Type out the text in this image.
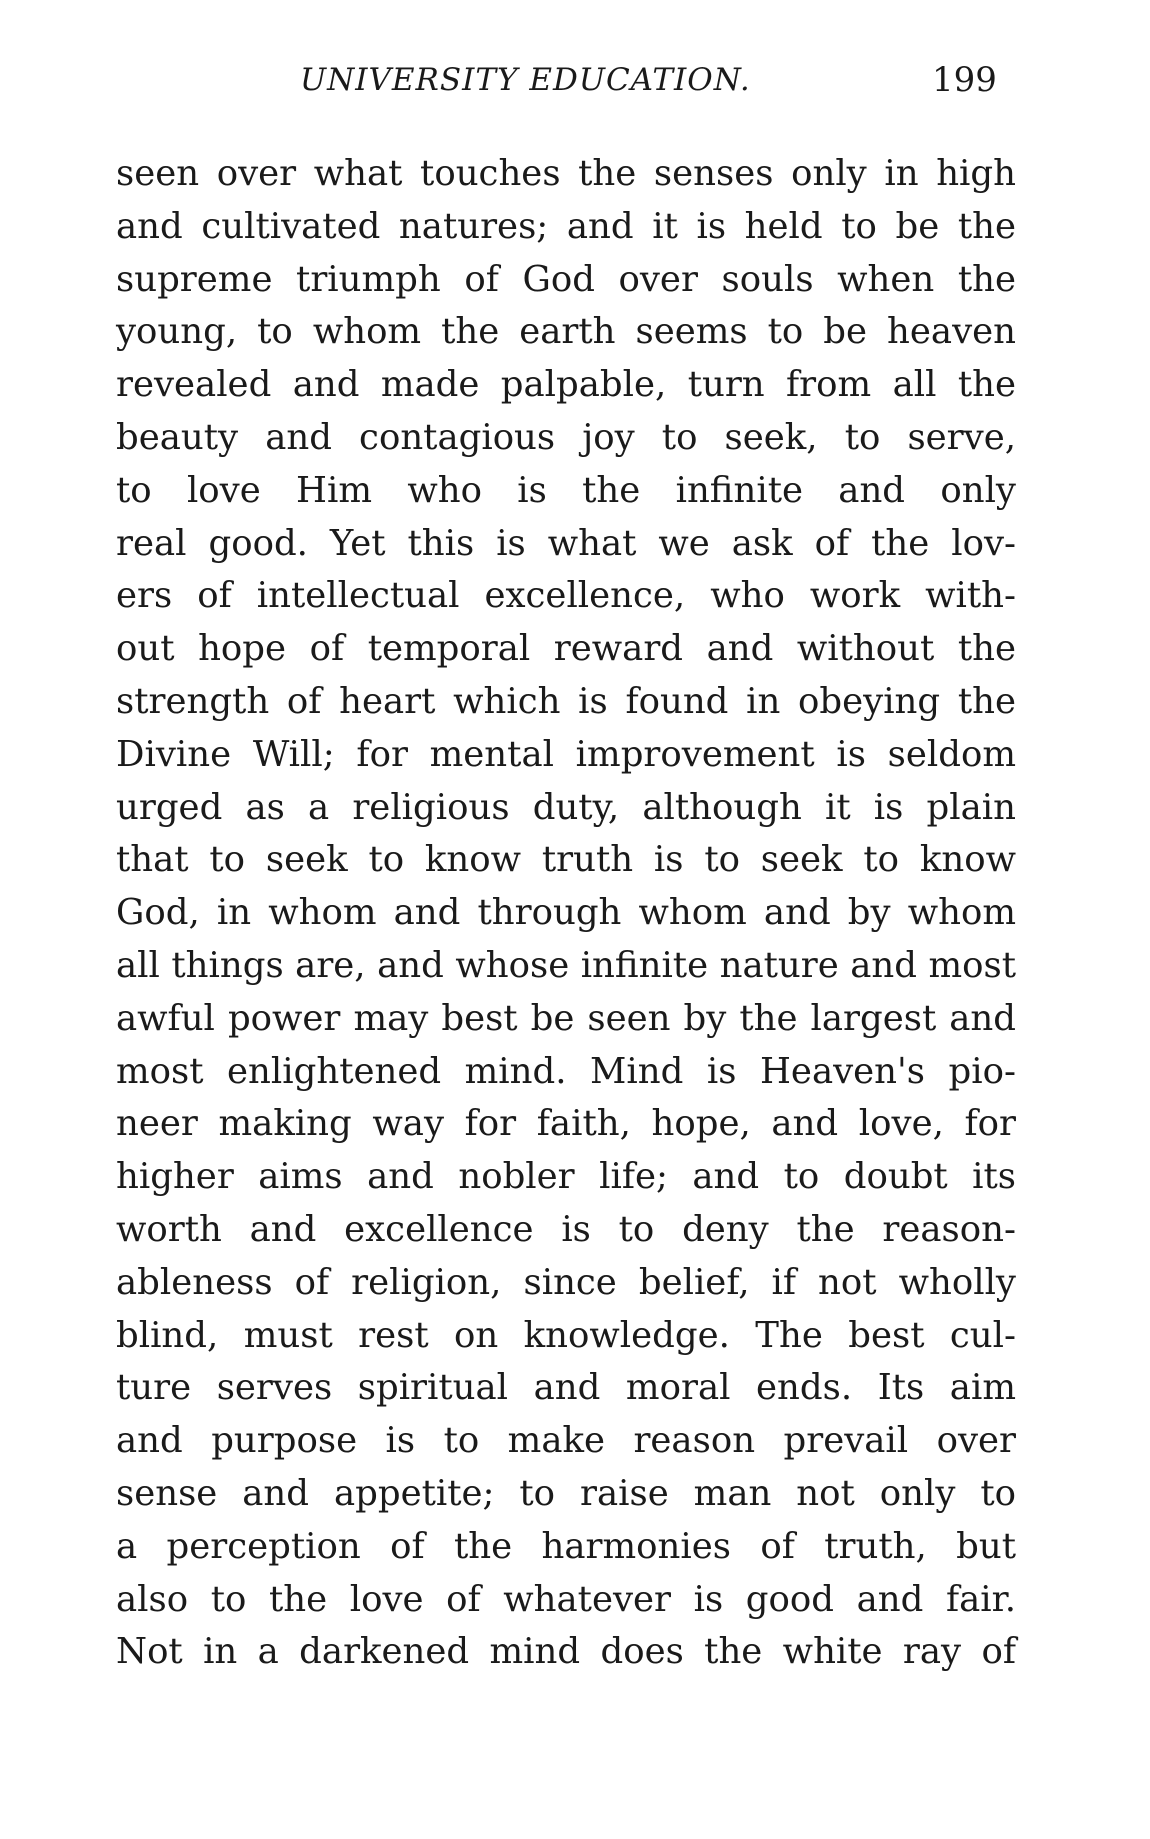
UNIVERSITY EDUCATION.	199
seen over what touches the senses only in high
and cultivated natures; and it is held to be the
supreme triumph of God over souls when the
young, to whom the earth seems to be heaven
revealed and made palpable, turn from all the
beauty and contagious joy to seek, to serve,
to love Him who is the infinite and only
real good. Yet this is what we ask of the lov-
ers of intellectual excellence, who work with-
out hope of temporal reward and without the
strength of heart which is found in obeying the
Divine Will; for mental improvement is seldom
urged as a religious duty, although it is plain
that to seek to know truth is to seek to know
God, in whom and through whom and by whom
all things are, and whose infinite nature and most
awful power may best be seen by the largest and
most enlightened mind. Mind is Heaven's pio-
neer making way for faith, hope, and love, for
higher aims and nobler life; and to doubt its
worth and excellence is to deny the reason-
ableness of religion, since belief, if not wholly
blind, must rest on knowledge. The best cul-
ture serves spiritual and moral ends. Its aim
and purpose is to make reason prevail over
sense and appetite; to raise man not only to
a perception of the harmonies of truth, but
also to the love of whatever is good and fair.
Not in a darkened mind does the white ray of
